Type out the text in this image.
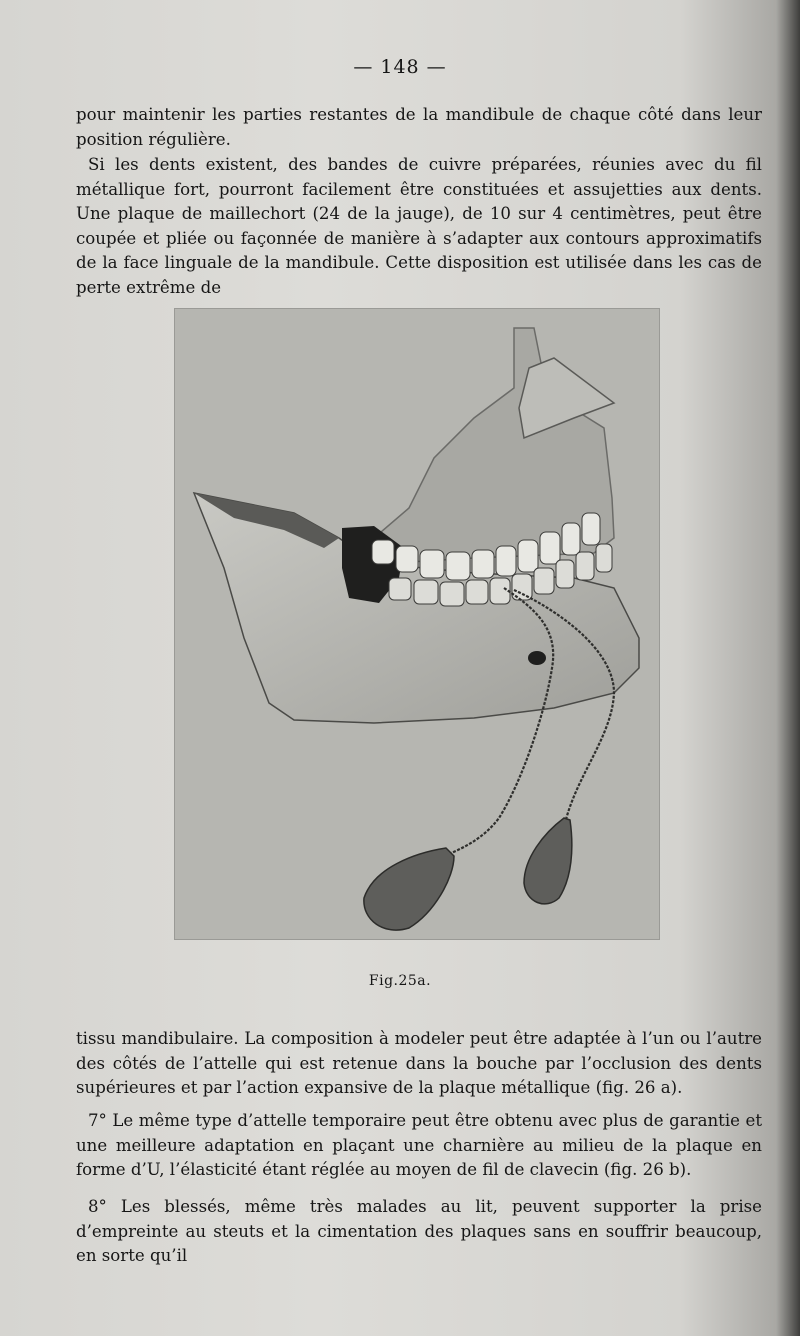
— 148 —

pour maintenir les parties restantes de la mandibule de chaque côté dans leur position régulière.

Si les dents existent, des bandes de cuivre préparées, réunies avec du fil métallique fort, pourront facilement être constituées et assujetties aux dents. Une plaque de maillechort (24 de la jauge), de 10 sur 4 centimètres, peut être coupée et pliée ou façonnée de manière à s’adapter aux contours approximatifs de la face linguale de la mandibule. Cette disposition est utilisée dans les cas de perte extrême de

Fig.25a.

tissu mandibulaire. La composition à modeler peut être adaptée à l’un ou l’autre des côtés de l’attelle qui est retenue dans la bouche par l’occlusion des dents supérieures et par l’action expansive de la plaque métallique (fig. 26 a).

7° Le même type d’attelle temporaire peut être obtenu avec plus de garantie et une meilleure adaptation en plaçant une charnière au milieu de la plaque en forme d’U, l’élasticité étant réglée au moyen de fil de clavecin (fig. 26 b).

8° Les blessés, même très malades au lit, peuvent supporter la prise d’empreinte au steuts et la cimentation des plaques sans en souffrir beaucoup, en sorte qu’il
